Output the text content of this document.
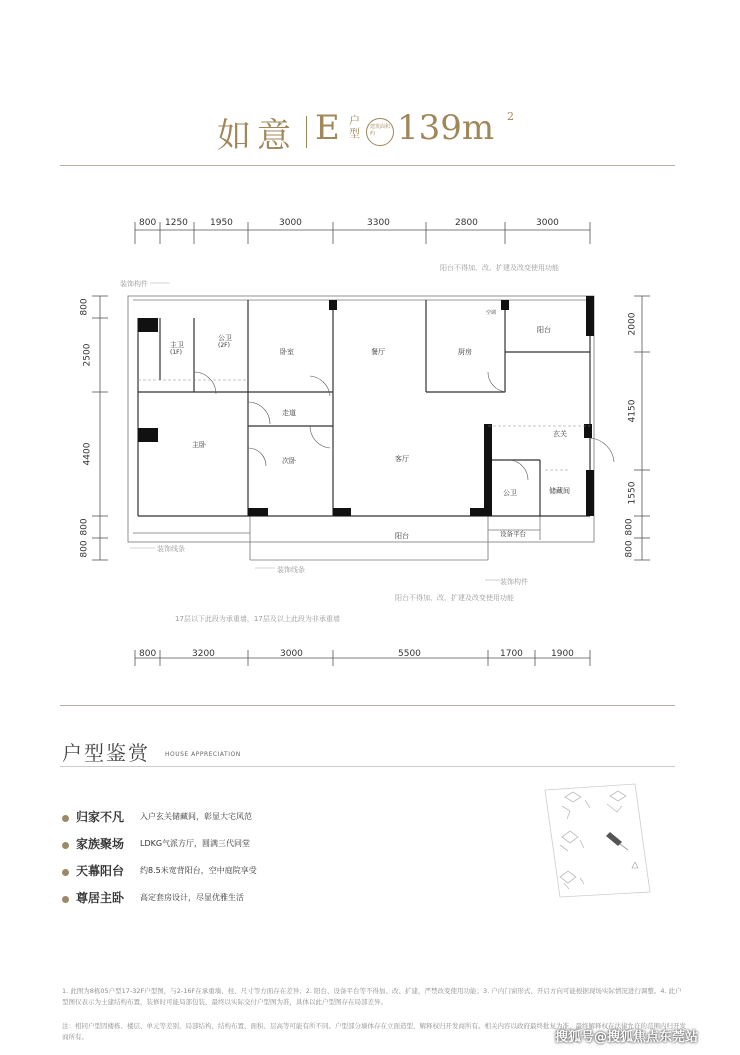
如意 E 户型 建筑面积约 139m 2
800 1250 1950	3000	3300	2800	3000
800	3200	3000	5500	1700	1900
800
2500
4400
800
800
2000
4150
1550
800
800
阳台不得加、改、扩建及改变使用功能
装饰构件
装饰线条
装饰线条
装饰构件
阳台不得加、改、扩建及改变使用功能
17层以下此段为承重墙，17层及以上此段为非承重墙
主卫
(1F)
公卫
(2F)
卧室	餐厅	厨房
阳台
空调
走道
主卧
次卧	客厅
玄关
公卫	储藏间
阳台	设备平台
户型鉴赏	HOUSE APPRECIATION
归家不凡 入户玄关储藏间，彰显大宅风范
家族聚场 LDKG气派方厅，圆满三代同堂
天幕阳台 约8.5米宽背阳台，空中庭院享受
尊居主卧 高定套房设计，尽显优雅生活
1. 此图为8栋05户型17-32F户型图，与2-16F在承重墙、柱、尺寸等方面存在差异；2. 阳台、设备平台等不得加、改、扩建，严禁改变使用功能；3. 户内门窗形式、开启方向可能根据现场实际情况进行调整。4. 此户型图仅表示为土建结构布置，装修时可能局部包装，最终以实际交付户型图为准，具体以此户型图存在局部差异。
注：相同户型因楼栋、楼层、单元等差别，局部结构、结构布置、面积、层高等可能有所不同。户型部分墙体存在立面造型，解释权归开发商所有。相关内容以政府最终批复为准，最终解释权在法律允许的范围内归开发商所有。	搜狐号@搜狐焦点东莞站
